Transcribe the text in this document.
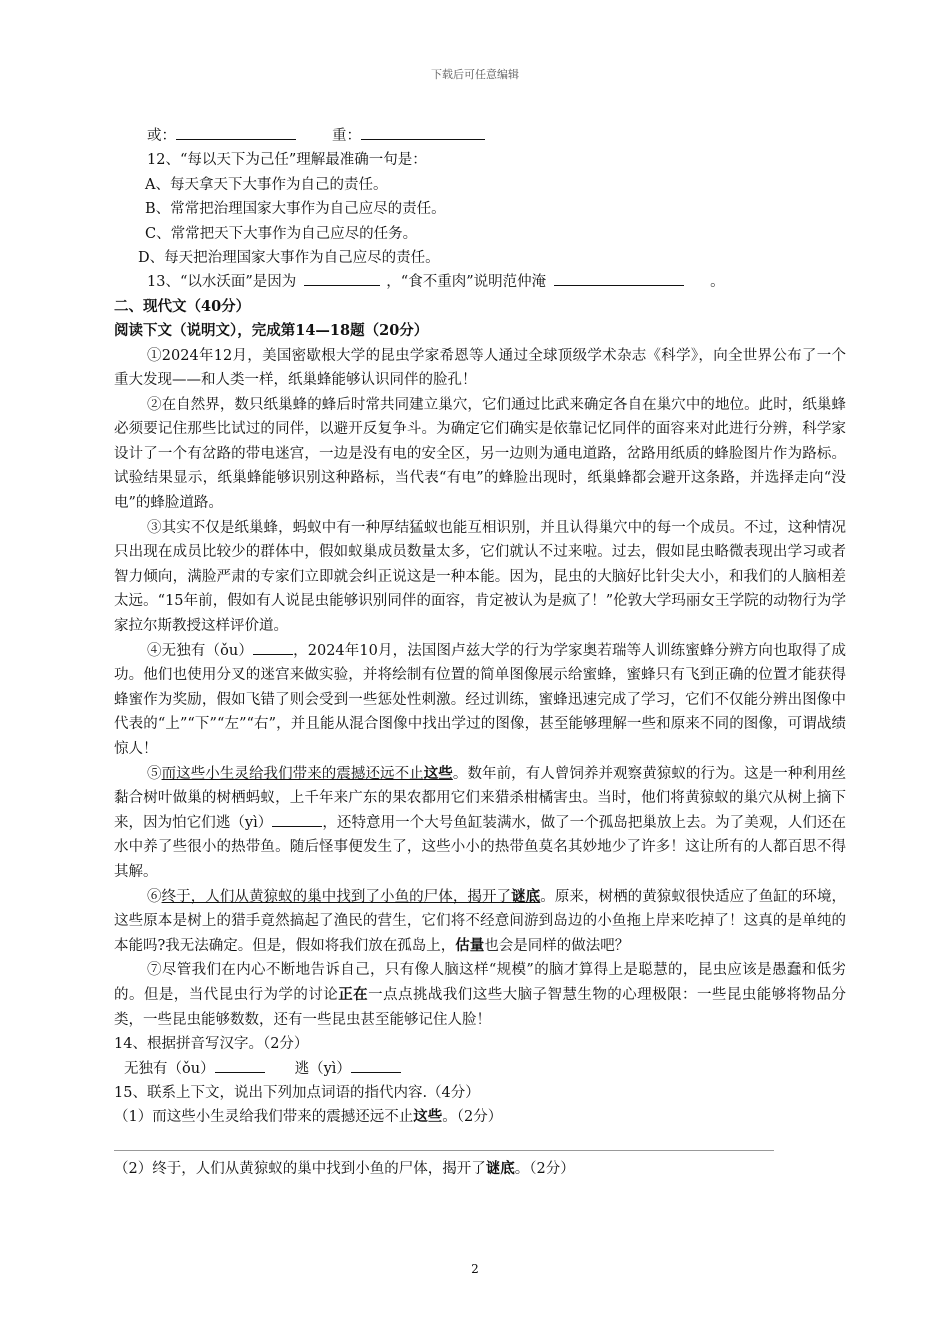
下载后可任意编辑
或：	重：
12、“每以天下为己任”理解最准确一句是：
A、每天拿天下大事作为自己的责任。
B、常常把治理国家大事作为自己应尽的责任。
C、常常把天下大事作为自己应尽的任务。
D、每天把治理国家大事作为自己应尽的责任。
13、“以水沃面”是因为	，“食不重肉”说明范仲淹	。
二、现代文（40分）
阅读下文（说明文），完成第14—18题（20分）
①2024年12月，美国密歇根大学的昆虫学家希恩等人通过全球顶级学术杂志《科学》，向全世界公布了一个重大发现——和人类一样，纸巢蜂能够认识同伴的脸孔！
②在自然界，数只纸巢蜂的蜂后时常共同建立巢穴，它们通过比武来确定各自在巢穴中的地位。此时，纸巢蜂必须要记住那些比试过的同伴，以避开反复争斗。为确定它们确实是依靠记忆同伴的面容来对此进行分辨，科学家设计了一个有岔路的带电迷宫，一边是没有电的安全区，另一边则为通电道路，岔路用纸质的蜂脸图片作为路标。试验结果显示，纸巢蜂能够识别这种路标，当代表“有电”的蜂脸出现时，纸巢蜂都会避开这条路，并选择走向“没电”的蜂脸道路。
③其实不仅是纸巢蜂，蚂蚁中有一种厚结猛蚁也能互相识别，并且认得巢穴中的每一个成员。不过，这种情况只出现在成员比较少的群体中，假如蚁巢成员数量太多，它们就认不过来啦。过去，假如昆虫略微表现出学习或者智力倾向，满脸严肃的专家们立即就会纠正说这是一种本能。因为，昆虫的大脑好比针尖大小，和我们的人脑相差太远。“15年前，假如有人说昆虫能够识别同伴的面容，肯定被认为是疯了！”伦敦大学玛丽女王学院的动物行为学家拉尔斯教授这样评价道。
④无独有（ǒu）	，2024年10月，法国图卢兹大学的行为学家奥若瑞等人训练蜜蜂分辨方向也取得了成功。他们也使用分叉的迷宫来做实验，并将绘制有位置的简单图像展示给蜜蜂，蜜蜂只有飞到正确的位置才能获得蜂蜜作为奖励，假如飞错了则会受到一些惩处性刺激。经过训练，蜜蜂迅速完成了学习，它们不仅能分辨出图像中代表的“上”“下”“左”“右”，并且能从混合图像中找出学过的图像，甚至能够理解一些和原来不同的图像，可谓战绩惊人！
⑤而这些小生灵给我们带来的震撼还远不止这些。数年前，有人曾饲养并观察黄猄蚁的行为。这是一种利用丝黏合树叶做巢的树栖蚂蚁，上千年来广东的果农都用它们来猎杀柑橘害虫。当时，他们将黄猄蚁的巢穴从树上摘下来，因为怕它们逃（yì）	，还特意用一个大号鱼缸装满水，做了一个孤岛把巢放上去。为了美观，人们还在水中养了些很小的热带鱼。随后怪事便发生了，这些小小的热带鱼莫名其妙地少了许多！这让所有的人都百思不得其解。
⑥终于，人们从黄猄蚁的巢中找到了小鱼的尸体，揭开了谜底。原来，树栖的黄猄蚁很快适应了鱼缸的环境，这些原本是树上的猎手竟然搞起了渔民的营生，它们将不经意间游到岛边的小鱼拖上岸来吃掉了！这真的是单纯的本能吗?我无法确定。但是，假如将我们放在孤岛上，估量也会是同样的做法吧？
⑦尽管我们在内心不断地告诉自己，只有像人脑这样“规模”的脑才算得上是聪慧的，昆虫应该是愚蠢和低劣的。但是，当代昆虫行为学的讨论正在一点点挑战我们这些大脑子智慧生物的心理极限：一些昆虫能够将物品分类，一些昆虫能够数数，还有一些昆虫甚至能够记住人脸！
14、根据拼音写汉字。（2分）
无独有（ǒu）	逃（yì）
15、联系上下文，说出下列加点词语的指代内容.（4分）
（1）而这些小生灵给我们带来的震撼还远不止这些。（2分）
（2）终于，人们从黄猄蚁的巢中找到小鱼的尸体，揭开了谜底。（2分）
2
